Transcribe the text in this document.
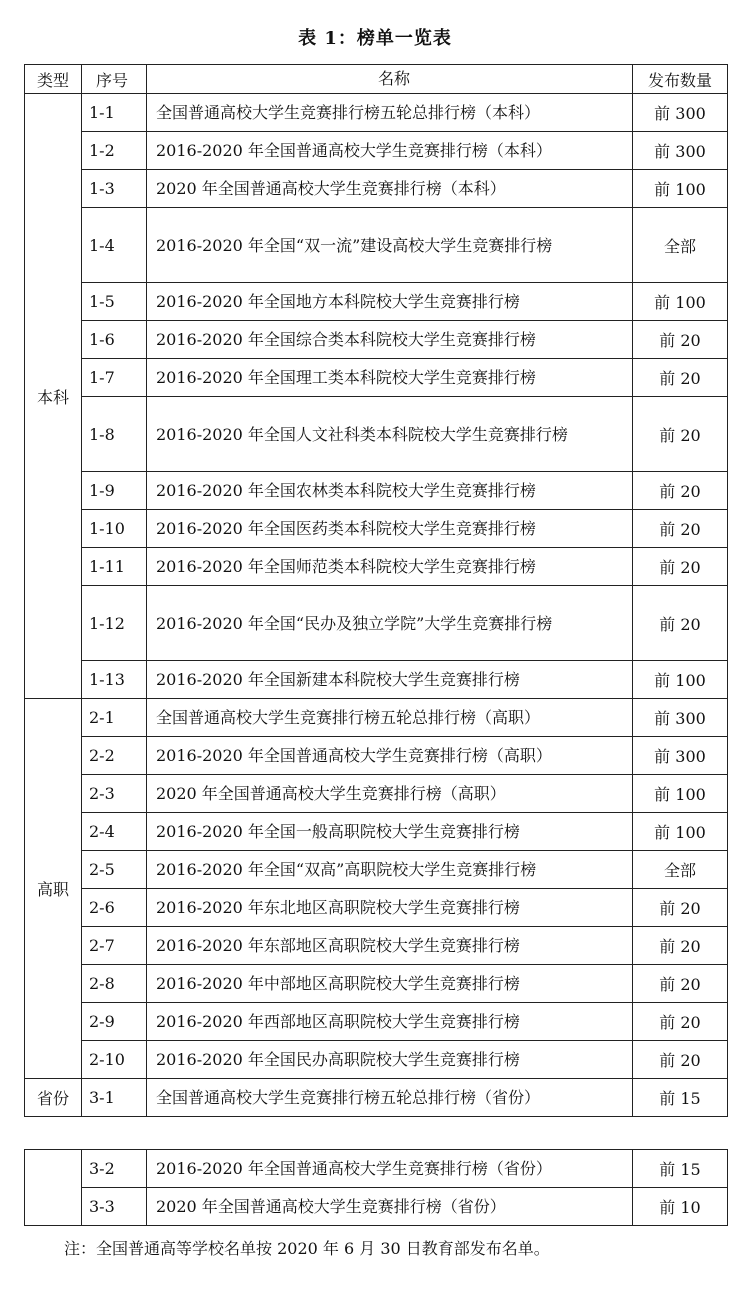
表 1：榜单一览表
类型	序号	名称	发布数量
本科	1-1	全国普通高校大学生竞赛排行榜五轮总排行榜（本科）	前 300
	1-2	2016-2020 年全国普通高校大学生竞赛排行榜（本科）	前 300
	1-3	2020 年全国普通高校大学生竞赛排行榜（本科）	前 100
	1-4	2016-2020 年全国“双一流”建设高校大学生竞赛排行榜	全部
	1-5	2016-2020 年全国地方本科院校大学生竞赛排行榜	前 100
	1-6	2016-2020 年全国综合类本科院校大学生竞赛排行榜	前 20
	1-7	2016-2020 年全国理工类本科院校大学生竞赛排行榜	前 20
	1-8	2016-2020 年全国人文社科类本科院校大学生竞赛排行榜	前 20
	1-9	2016-2020 年全国农林类本科院校大学生竞赛排行榜	前 20
	1-10	2016-2020 年全国医药类本科院校大学生竞赛排行榜	前 20
	1-11	2016-2020 年全国师范类本科院校大学生竞赛排行榜	前 20
	1-12	2016-2020 年全国“民办及独立学院”大学生竞赛排行榜	前 20
	1-13	2016-2020 年全国新建本科院校大学生竞赛排行榜	前 100
高职	2-1	全国普通高校大学生竞赛排行榜五轮总排行榜（高职）	前 300
	2-2	2016-2020 年全国普通高校大学生竞赛排行榜（高职）	前 300
	2-3	2020 年全国普通高校大学生竞赛排行榜（高职）	前 100
	2-4	2016-2020 年全国一般高职院校大学生竞赛排行榜	前 100
	2-5	2016-2020 年全国“双高”高职院校大学生竞赛排行榜	全部
	2-6	2016-2020 年东北地区高职院校大学生竞赛排行榜	前 20
	2-7	2016-2020 年东部地区高职院校大学生竞赛排行榜	前 20
	2-8	2016-2020 年中部地区高职院校大学生竞赛排行榜	前 20
	2-9	2016-2020 年西部地区高职院校大学生竞赛排行榜	前 20
	2-10	2016-2020 年全国民办高职院校大学生竞赛排行榜	前 20
省份	3-1	全国普通高校大学生竞赛排行榜五轮总排行榜（省份）	前 15
	3-2	2016-2020 年全国普通高校大学生竞赛排行榜（省份）	前 15
	3-3	2020 年全国普通高校大学生竞赛排行榜（省份）	前 10
注：全国普通高等学校名单按 2020 年 6 月 30 日教育部发布名单。
